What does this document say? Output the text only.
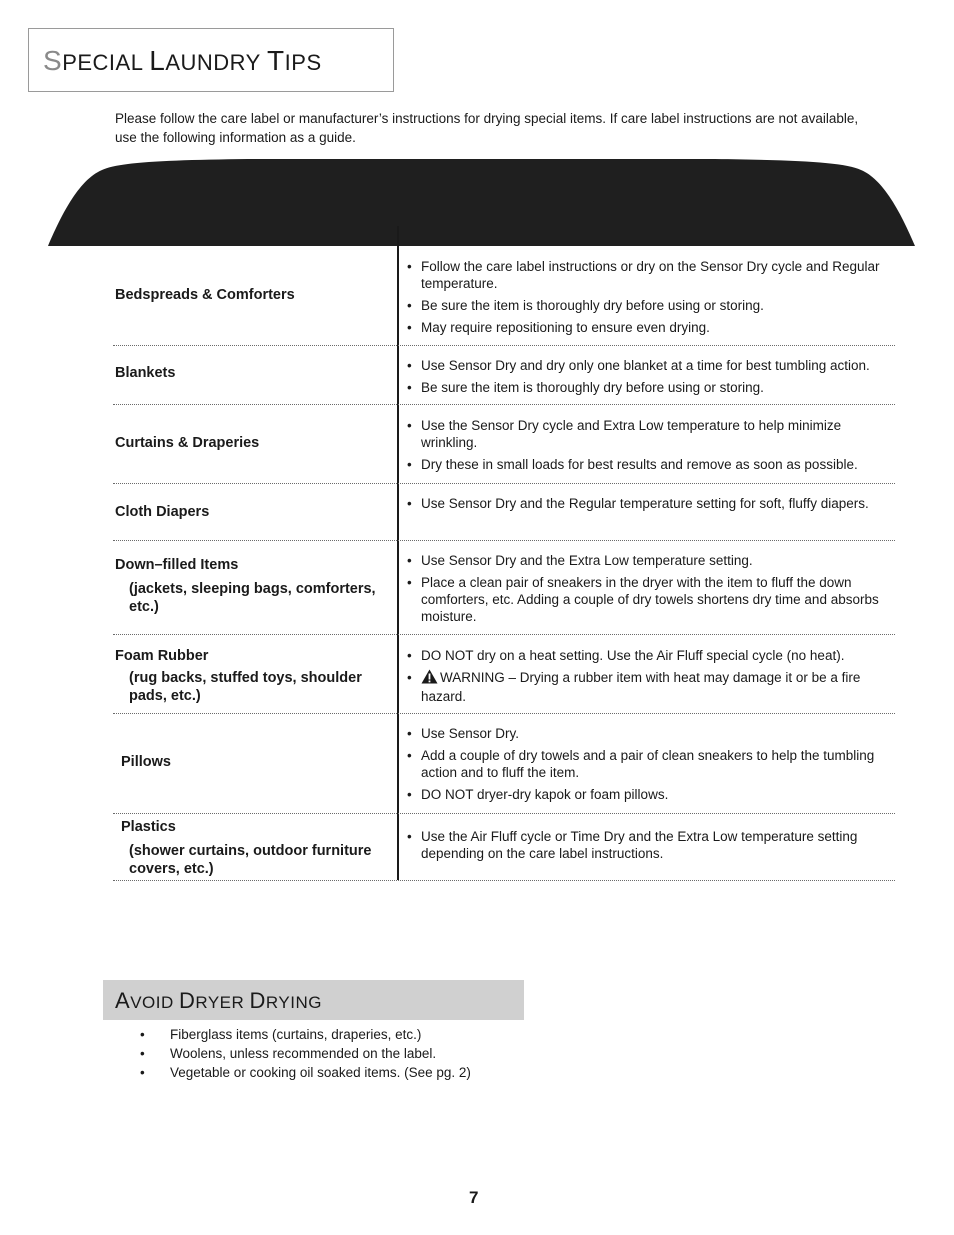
SPECIAL LAUNDRY TIPS
Please follow the care label or manufacturer’s instructions for drying special items. If care label instructions are not available, use the following information as a guide.
Bedspreads & Comforters
• Follow the care label instructions or dry on the Sensor Dry cycle and Regular temperature.
• Be sure the item is thoroughly dry before using or storing.
• May require repositioning to ensure even drying.
Blankets
•	Use Sensor Dry and dry only one blanket at a time for best tumbling action.
• Be sure the item is thoroughly dry before using or storing.
Curtains & Draperies
• Use the Sensor Dry cycle and Extra Low temperature to help minimize wrinkling.
• Dry these in small loads for best results and remove as soon as possible.
Cloth Diapers
• Use Sensor Dry and the Regular temperature setting for soft, fluffy diapers.
Down–filled Items
(jackets, sleeping bags, comforters, etc.)
• Use Sensor Dry and the Extra Low temperature setting.
• Place a clean pair of sneakers in the dryer with the item to fluff the down comforters, etc. Adding a couple of dry towels shortens dry time and absorbs moisture.
Foam Rubber
(rug backs, stuffed toys, shoulder pads, etc.)
• DO NOT dry on a heat setting. Use the Air Fluff special cycle (no heat).
• WARNING – Drying a rubber item with heat may damage it or be a fire hazard.
Pillows
• Use Sensor Dry.
• Add a couple of dry towels and a pair of clean sneakers to help the tumbling action and to fluff the item.
• DO NOT dryer-dry kapok or foam pillows.
Plastics
(shower curtains, outdoor furniture covers, etc.)
• Use the Air Fluff cycle or Time Dry and the Extra Low temperature setting depending on the care label instructions.
AVOID DRYER DRYING
• Fiberglass items (curtains, draperies, etc.)
• Woolens, unless recommended on the label.
• Vegetable or cooking oil soaked items. (See pg. 2)
7
